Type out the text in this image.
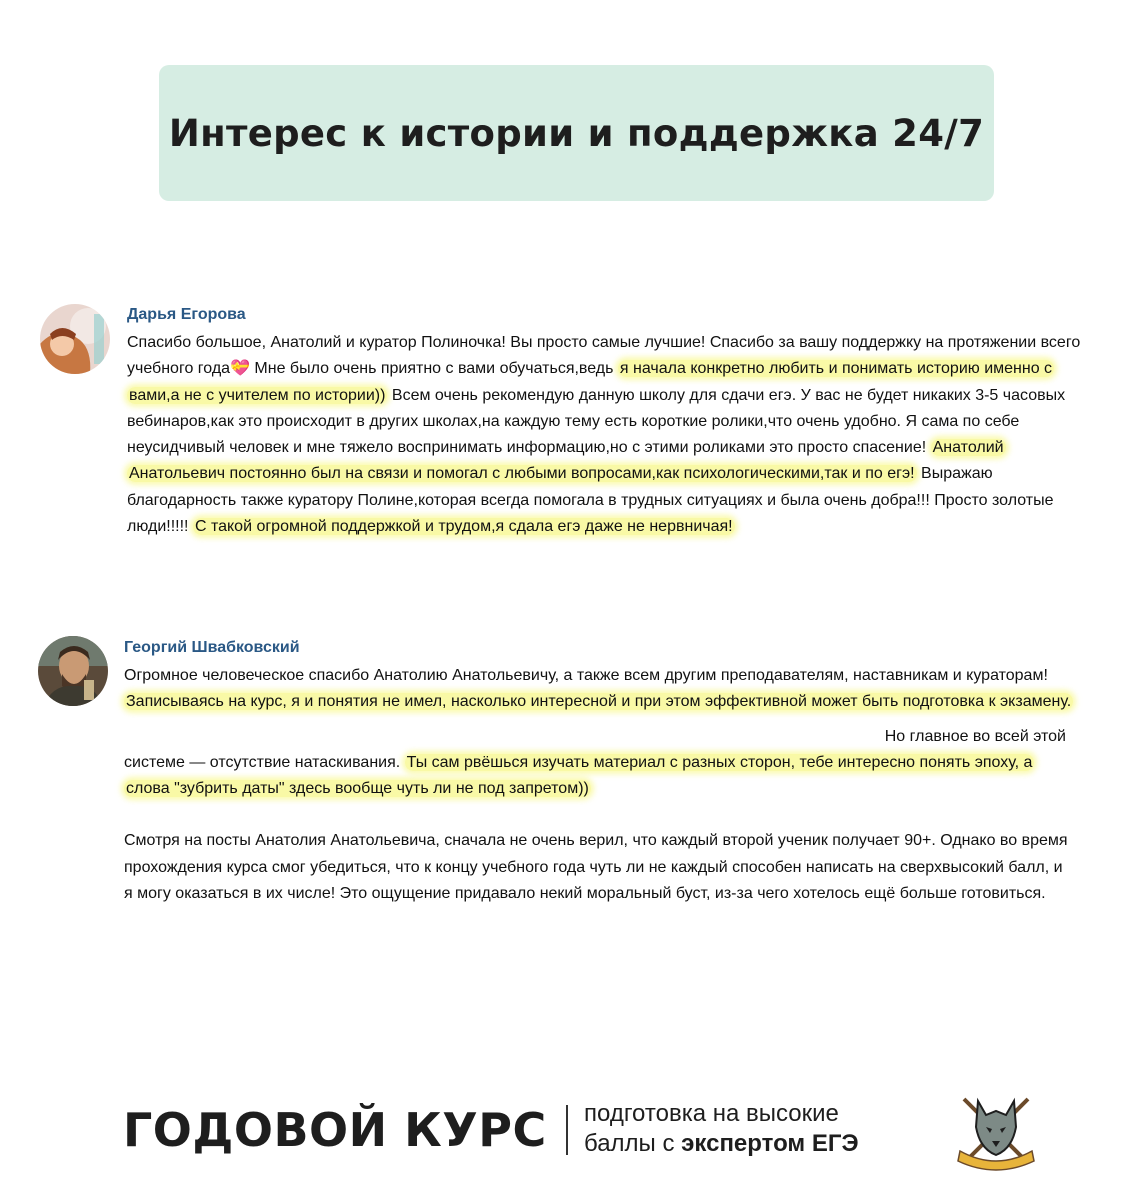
Интерес к истории и поддержка 24/7
Дарья Егорова
Спасибо большое, Анатолий и куратор Полиночка! Вы просто самые лучшие! Спасибо за вашу поддержку на протяжении всего учебного года💝 Мне было очень приятно с вами обучаться,ведь я начала конкретно любить и понимать историю именно с вами,а не с учителем по истории)) Всем очень рекомендую данную школу для сдачи егэ. У вас не будет никаких 3-5 часовых вебинаров,как это происходит в других школах,на каждую тему есть короткие ролики,что очень удобно. Я сама по себе неусидчивый человек и мне тяжело воспринимать информацию,но с этими роликами это просто спасение! Анатолий Анатольевич постоянно был на связи и помогал с любыми вопросами,как психологическими,так и по егэ! Выражаю благодарность также куратору Полине,которая всегда помогала в трудных ситуациях и была очень добра!!! Просто золотые люди!!!!! С такой огромной поддержкой и трудом,я сдала егэ даже не нервничая!
Георгий Швабковский

Огромное человеческое спасибо Анатолию Анатольевичу, а также всем другим преподавателям, наставникам и кураторам! Записываясь на курс, я и понятия не имел, насколько интересной и при этом эффективной может быть подготовка к экзамену.

Но главное во всей этой

системе — отсутствие натаскивания. Ты сам рвёшься изучать материал с разных сторон, тебе интересно понять эпоху, а слова "зубрить даты" здесь вообще чуть ли не под запретом))

Смотря на посты Анатолия Анатольевича, сначала не очень верил, что каждый второй ученик получает 90+. Однако во время прохождения курса смог убедиться, что к концу учебного года чуть ли не каждый способен написать на сверхвысокий балл, и я могу оказаться в их числе! Это ощущение придавало некий моральный буст, из-за чего хотелось ещё больше готовиться.

ГОДОВОЙ КУРС подготовка на высокие
баллы с экспертом ЕГЭ
